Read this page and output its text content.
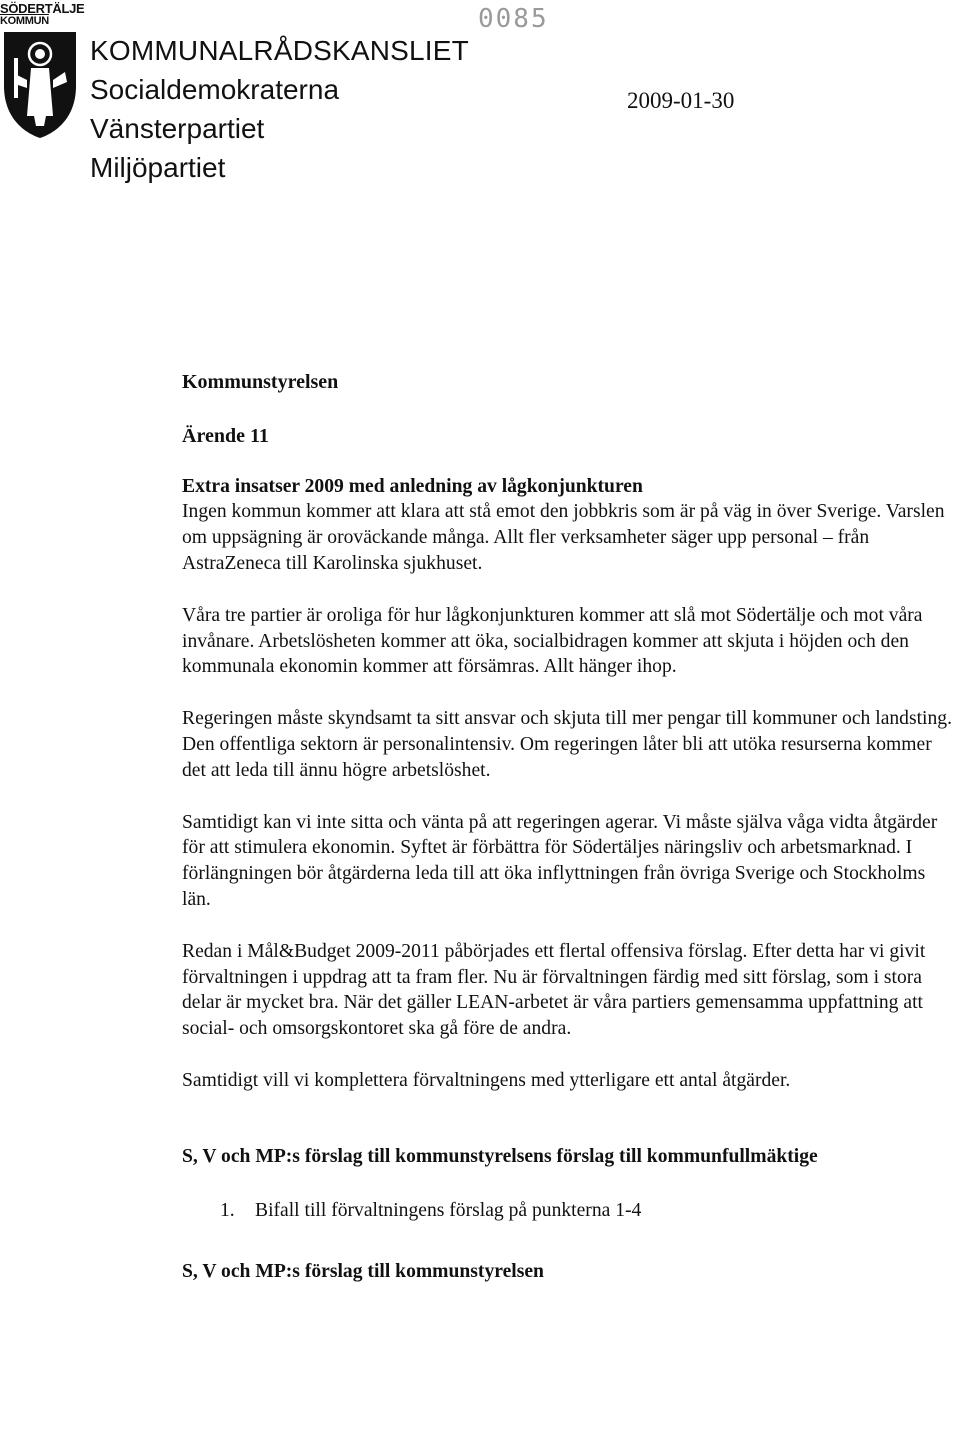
SÖDERTÄLJE
KOMMUN	0085
KOMMUNALRÅDSKANSLIET
Socialdemokraterna
Vänsterpartiet
Miljöpartiet
2009-01-30

Kommunstyrelsen

Ärende 11

Extra insatser 2009 med anledning av lågkonjunkturen

Ingen kommun kommer att klara att stå emot den jobbkris som är på väg in över Sverige. Varslen om uppsägning är oroväckande många. Allt fler verksamheter säger upp personal – från AstraZeneca till Karolinska sjukhuset.

Våra tre partier är oroliga för hur lågkonjunkturen kommer att slå mot Södertälje och mot våra invånare. Arbetslösheten kommer att öka, socialbidragen kommer att skjuta i höjden och den kommunala ekonomin kommer att försämras. Allt hänger ihop.

Regeringen måste skyndsamt ta sitt ansvar och skjuta till mer pengar till kommuner och landsting. Den offentliga sektorn är personalintensiv. Om regeringen låter bli att utöka resurserna kommer det att leda till ännu högre arbetslöshet.

Samtidigt kan vi inte sitta och vänta på att regeringen agerar. Vi måste själva våga vidta åtgärder för att stimulera ekonomin. Syftet är förbättra för Södertäljes näringsliv och arbetsmarknad. I förlängningen bör åtgärderna leda till att öka inflyttningen från övriga Sverige och Stockholms län.

Redan i Mål&Budget 2009-2011 påbörjades ett flertal offensiva förslag. Efter detta har vi givit förvaltningen i uppdrag att ta fram fler. Nu är förvaltningen färdig med sitt förslag, som i stora delar är mycket bra. När det gäller LEAN-arbetet är våra partiers gemensamma uppfattning att social- och omsorgskontoret ska gå före de andra.

Samtidigt vill vi komplettera förvaltningens med ytterligare ett antal åtgärder.

S, V och MP:s förslag till kommunstyrelsens förslag till kommunfullmäktige

1.	Bifall till förvaltningens förslag på punkterna 1-4

S, V och MP:s förslag till kommunstyrelsen
